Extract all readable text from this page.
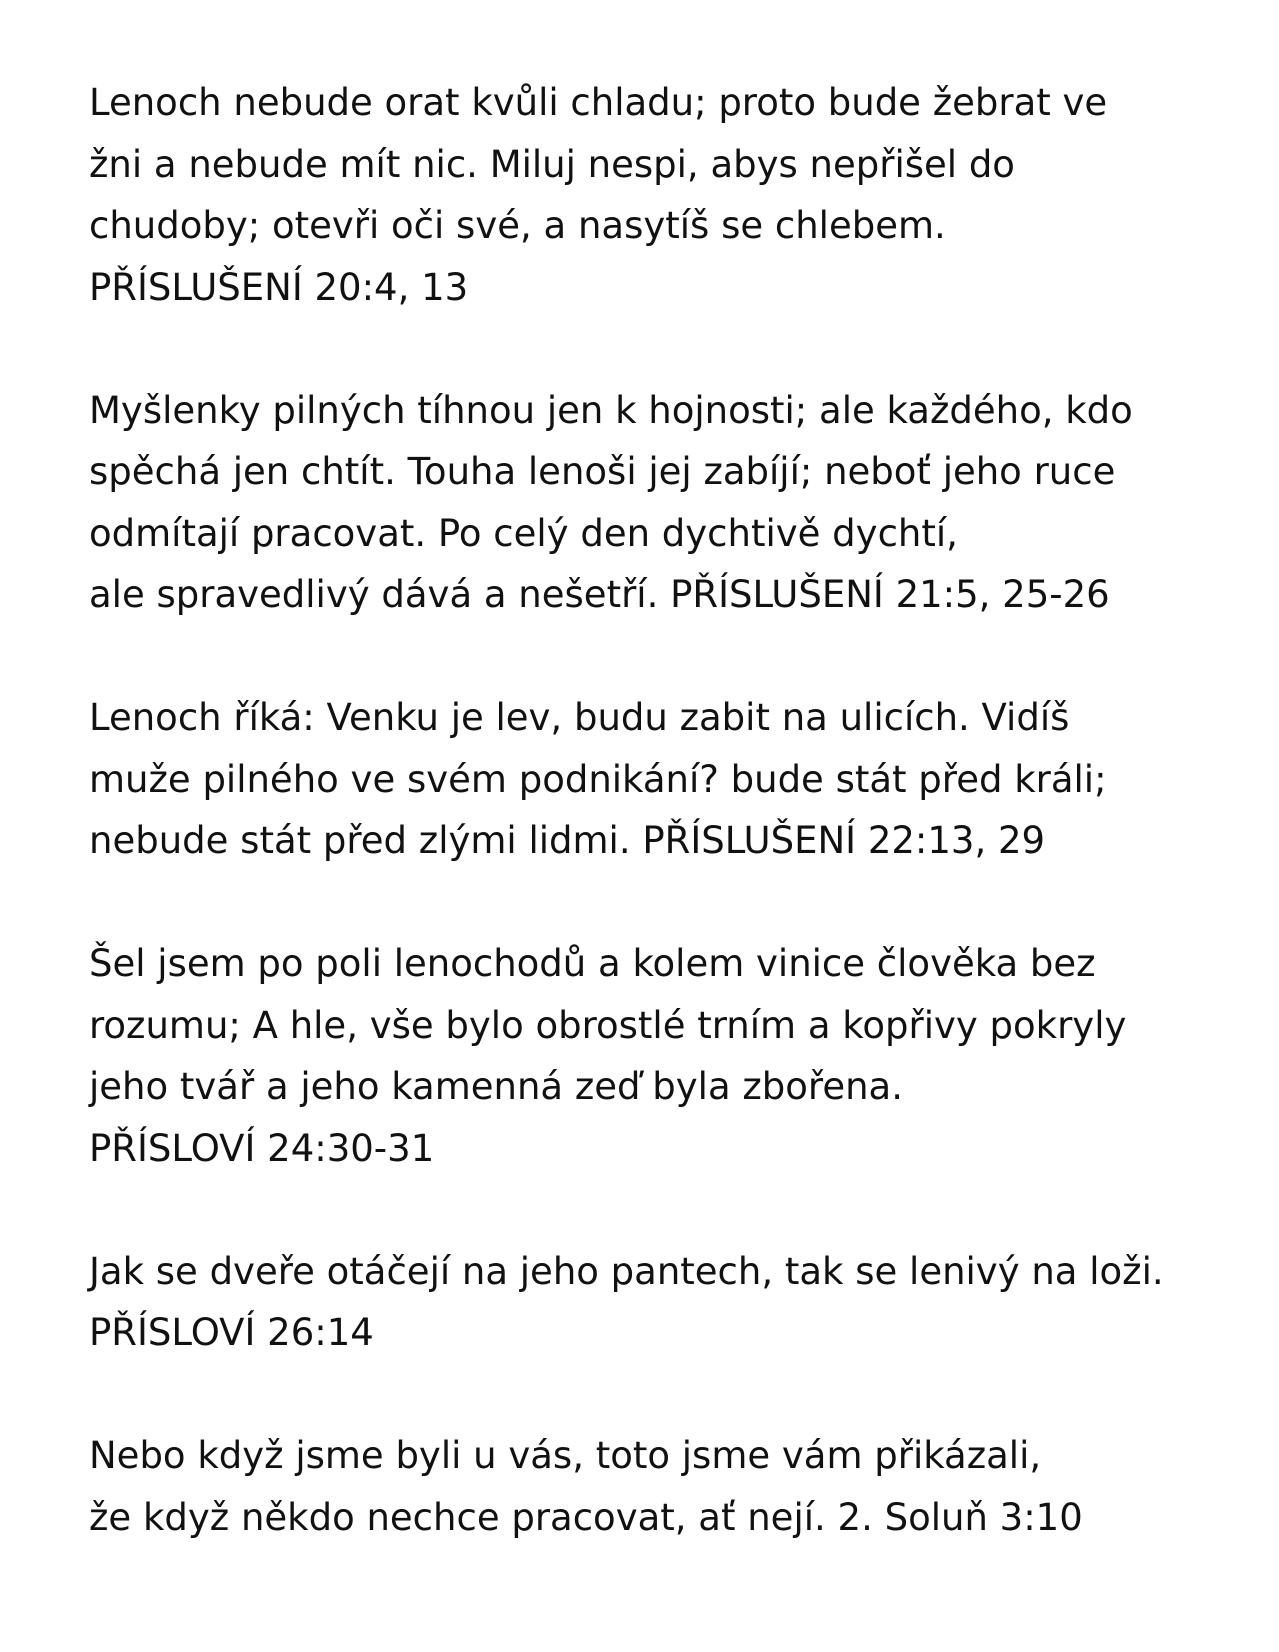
Lenoch nebude orat kvůli chladu; proto bude žebrat ve
žni a nebude mít nic. Miluj nespi, abys nepřišel do
chudoby; otevři oči své, a nasytíš se chlebem.
PŘÍSLUŠENÍ 20:4, 13
Myšlenky pilných tíhnou jen k hojnosti; ale každého, kdo
spěchá jen chtít. Touha lenoši jej zabíjí; neboť jeho ruce
odmítají pracovat. Po celý den dychtivě dychtí,
ale spravedlivý dává a nešetří. PŘÍSLUŠENÍ 21:5, 25-26
Lenoch říká: Venku je lev, budu zabit na ulicích. Vidíš
muže pilného ve svém podnikání? bude stát před králi;
nebude stát před zlými lidmi. PŘÍSLUŠENÍ 22:13, 29
Šel jsem po poli lenochodů a kolem vinice člověka bez
rozumu; A hle, vše bylo obrostlé trním a kopřivy pokryly
jeho tvář a jeho kamenná zeď byla zbořena.
PŘÍSLOVÍ 24:30-31
Jak se dveře otáčejí na jeho pantech, tak se lenivý na loži.
PŘÍSLOVÍ 26:14
Nebo když jsme byli u vás, toto jsme vám přikázali,
že když někdo nechce pracovat, ať nejí. 2. Soluň 3:10
